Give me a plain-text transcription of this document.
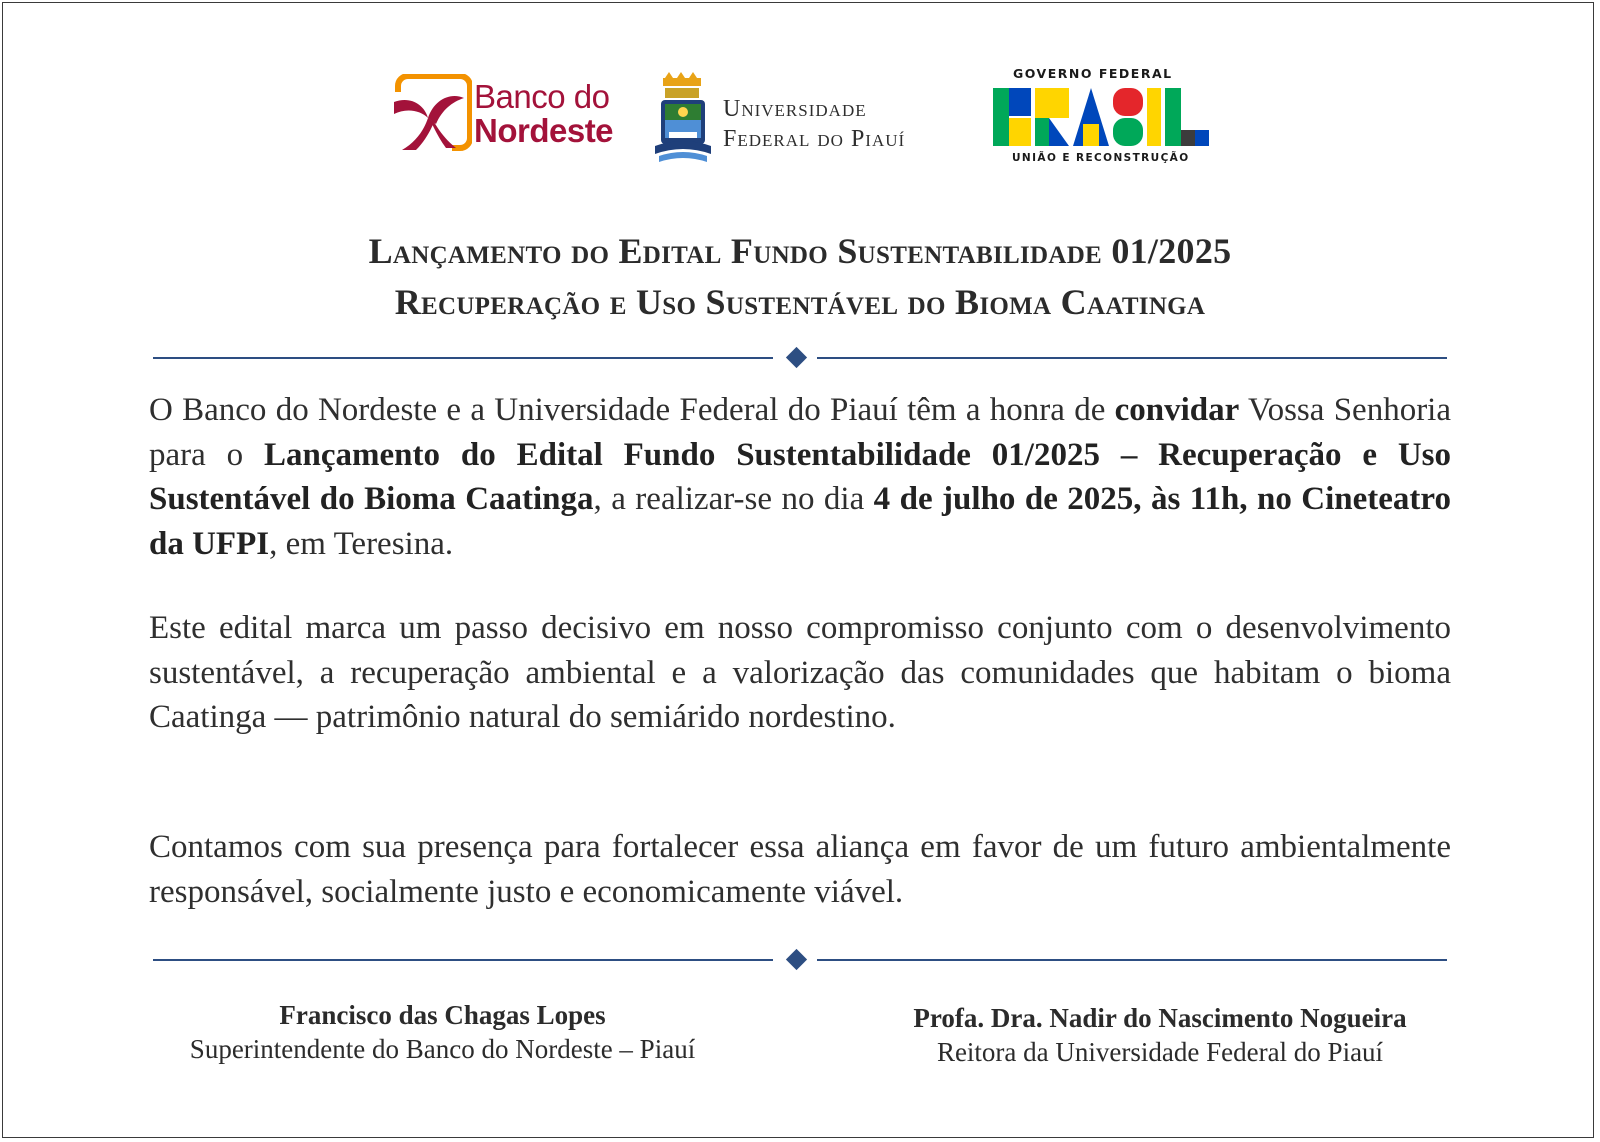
Banco do
Nordeste
Universidade
Federal do Piauí
GOVERNO FEDERAL
UNIÃO E RECONSTRUÇÃO
Lançamento do Edital Fundo Sustentabilidade 01/2025
Recuperação e Uso Sustentável do Bioma Caatinga

O Banco do Nordeste e a Universidade Federal do Piauí têm a honra de convidar Vossa Senhoria para o Lançamento do Edital Fundo Sustentabilidade 01/2025 – Recuperação e Uso Sustentável do Bioma Caatinga, a realizar-se no dia 4 de julho de 2025, às 11h, no Cineteatro da UFPI, em Teresina.

Este edital marca um passo decisivo em nosso compromisso conjunto com o desenvolvimento sustentável, a recuperação ambiental e a valorização das comunidades que habitam o bioma Caatinga — patrimônio natural do semiárido nordestino.

Contamos com sua presença para fortalecer essa aliança em favor de um futuro ambientalmente responsável, socialmente justo e economicamente viável.

Francisco das Chagas Lopes
Superintendente do Banco do Nordeste – Piauí
Profa. Dra. Nadir do Nascimento Nogueira
Reitora da Universidade Federal do Piauí
